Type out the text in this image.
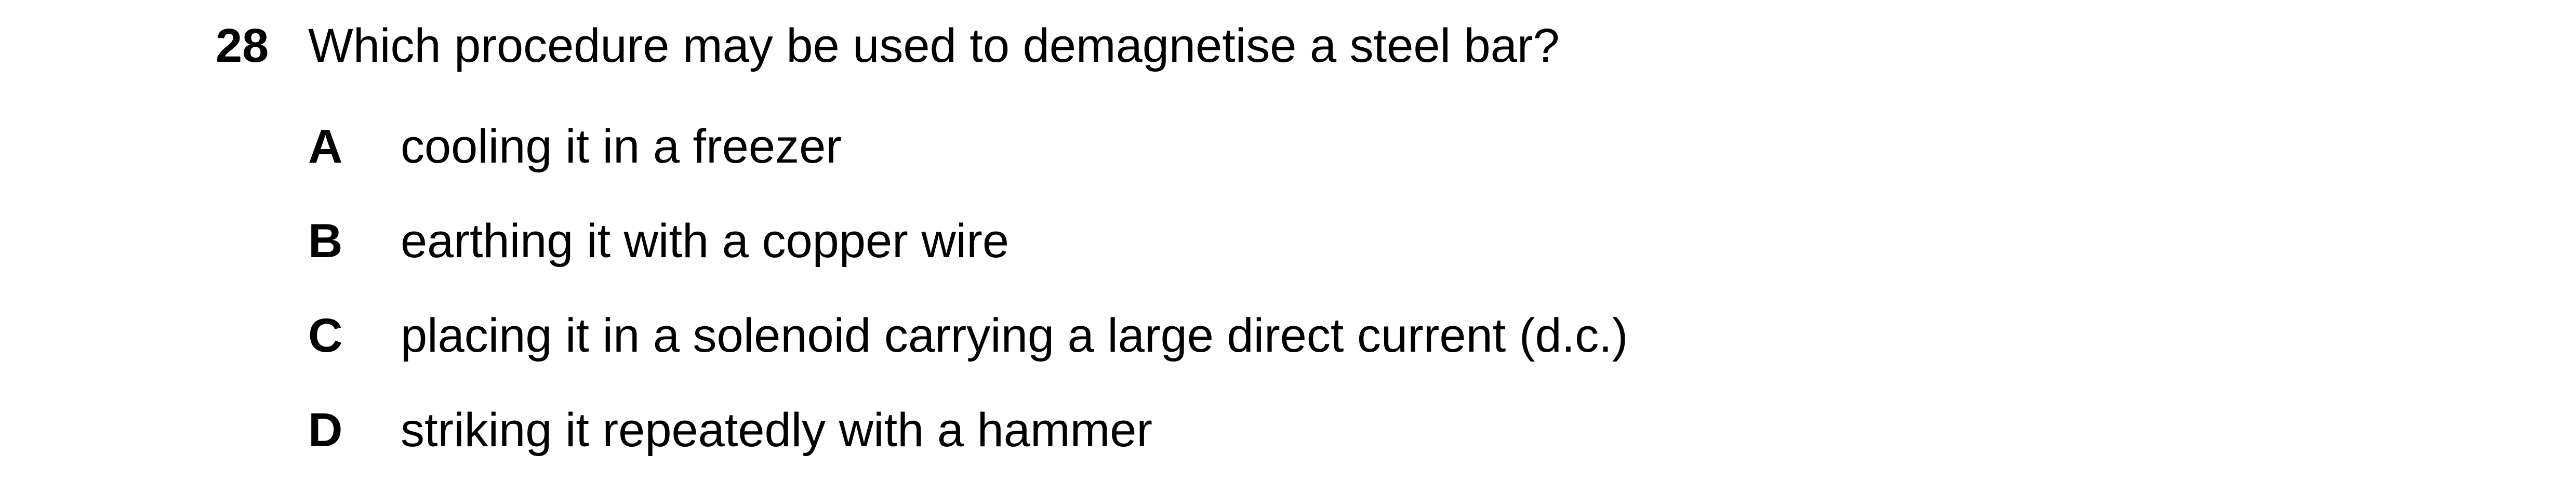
28 Which procedure may be used to demagnetise a steel bar?
A cooling it in a freezer
B earthing it with a copper wire
C placing it in a solenoid carrying a large direct current (d.c.)
D striking it repeatedly with a hammer
